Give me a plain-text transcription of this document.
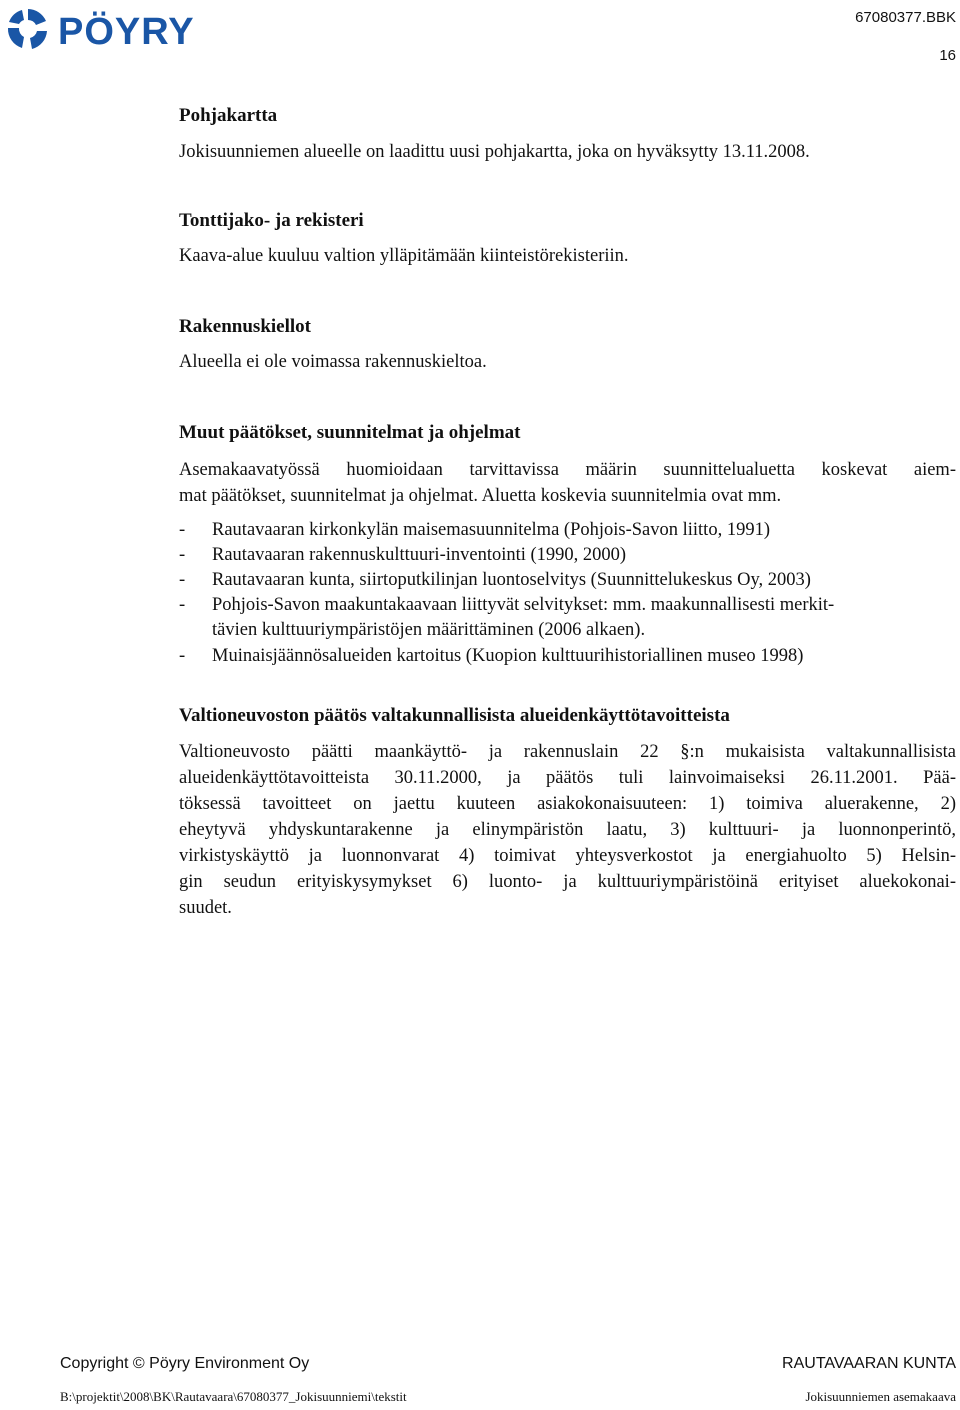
PÖYRY	67080377.BBK
16
Pohjakartta
Jokisuunniemen alueelle on laadittu uusi pohjakartta, joka on hyväksytty 13.11.2008.
Tonttijako- ja rekisteri
Kaava-alue kuuluu valtion ylläpitämään kiinteistörekisteriin.
Rakennuskiellot
Alueella ei ole voimassa rakennuskieltoa.
Muut päätökset, suunnitelmat ja ohjelmat
Asemakaavatyössä huomioidaan tarvittavissa määrin suunnittelualuetta koskevat aiem-
mat päätökset, suunnitelmat ja ohjelmat. Aluetta koskevia suunnitelmia ovat mm.
- Rautavaaran kirkonkylän maisemasuunnitelma (Pohjois-Savon liitto, 1991)
- Rautavaaran rakennuskulttuuri-inventointi (1990, 2000)
- Rautavaaran kunta, siirtoputkilinjan luontoselvitys (Suunnittelukeskus Oy, 2003)
- Pohjois-Savon maakuntakaavaan liittyvät selvitykset: mm. maakunnallisesti merkit-
tävien kulttuuriympäristöjen määrittäminen (2006 alkaen).
- Muinaisjäännösalueiden kartoitus (Kuopion kulttuurihistoriallinen museo 1998)
Valtioneuvoston päätös valtakunnallisista alueidenkäyttötavoitteista
Valtioneuvosto päätti maankäyttö- ja rakennuslain 22 §:n mukaisista valtakunnallisista
alueidenkäyttötavoitteista 30.11.2000, ja päätös tuli lainvoimaiseksi 26.11.2001. Pää-
töksessä tavoitteet on jaettu kuuteen asiakokonaisuuteen: 1) toimiva aluerakenne, 2)
eheytyvä yhdyskuntarakenne ja elinympäristön laatu, 3) kulttuuri- ja luonnonperintö,
virkistyskäyttö ja luonnonvarat 4) toimivat yhteysverkostot ja energiahuolto 5) Helsin-
gin seudun erityiskysymykset 6) luonto- ja kulttuuriympäristöinä erityiset aluekokonai-
suudet.
Copyright © Pöyry Environment Oy	RAUTAVAARAN KUNTA
B:\projektit\2008\BK\Rautavaara\67080377_Jokisuunniemi\tekstit	Jokisuunniemen asemakaava
